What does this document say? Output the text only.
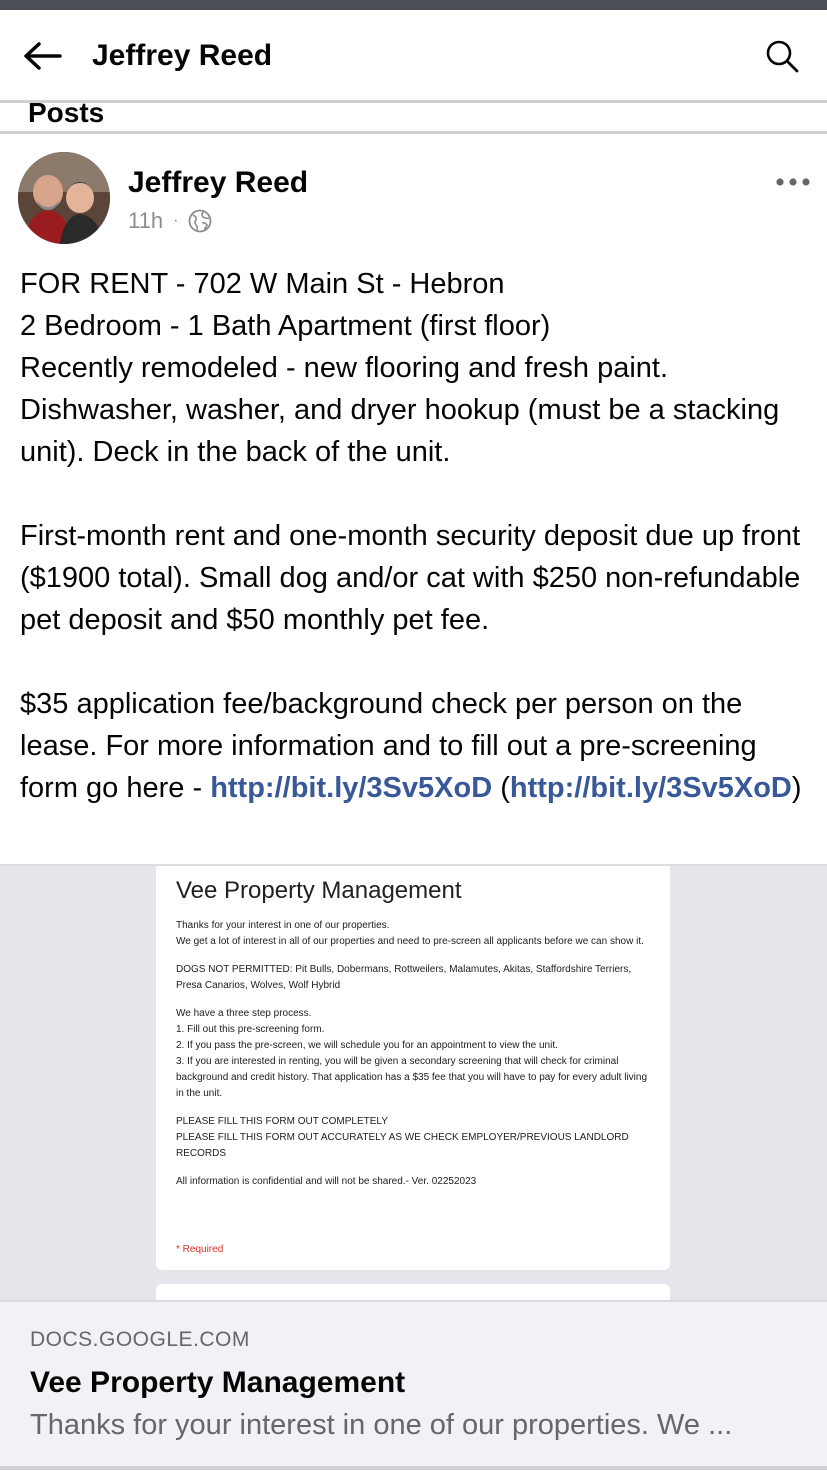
Jeffrey Reed
Posts
Jeffrey Reed
11h ·

FOR RENT - 702 W Main St - Hebron

2 Bedroom - 1 Bath Apartment (first floor)

Recently remodeled - new flooring and fresh paint.

Dishwasher, washer, and dryer hookup (must be a stacking unit). Deck in the back of the unit.

First-month rent and one-month security deposit due up front ($1900 total). Small dog and/or cat with $250 non-refundable pet deposit and $50 monthly pet fee.

$35 application fee/background check per person on the lease. For more information and to fill out a pre-screening form go here - http://bit.ly/3Sv5XoD (http://bit.ly/3Sv5XoD)

Vee Property Management
Thanks for your interest in one of our properties.
We get a lot of interest in all of our properties and need to pre-screen all applicants before we can show it.
DOGS NOT PERMITTED: Pit Bulls, Dobermans, Rottweilers, Malamutes, Akitas, Staffordshire Terriers, Presa Canarios, Wolves, Wolf Hybrid
We have a three step process.
1. Fill out this pre-screening form.
2. If you pass the pre-screen, we will schedule you for an appointment to view the unit.
3. If you are interested in renting, you will be given a secondary screening that will check for criminal background and credit history. That application has a $35 fee that you will have to pay for every adult living in the unit.
PLEASE FILL THIS FORM OUT COMPLETELY
PLEASE FILL THIS FORM OUT ACCURATELY AS WE CHECK EMPLOYER/PREVIOUS LANDLORD RECORDS
All information is confidential and will not be shared.- Ver. 02252023
* Required
DOCS.GOOGLE.COM
Vee Property Management
Thanks for your interest in one of our properties. We ...
